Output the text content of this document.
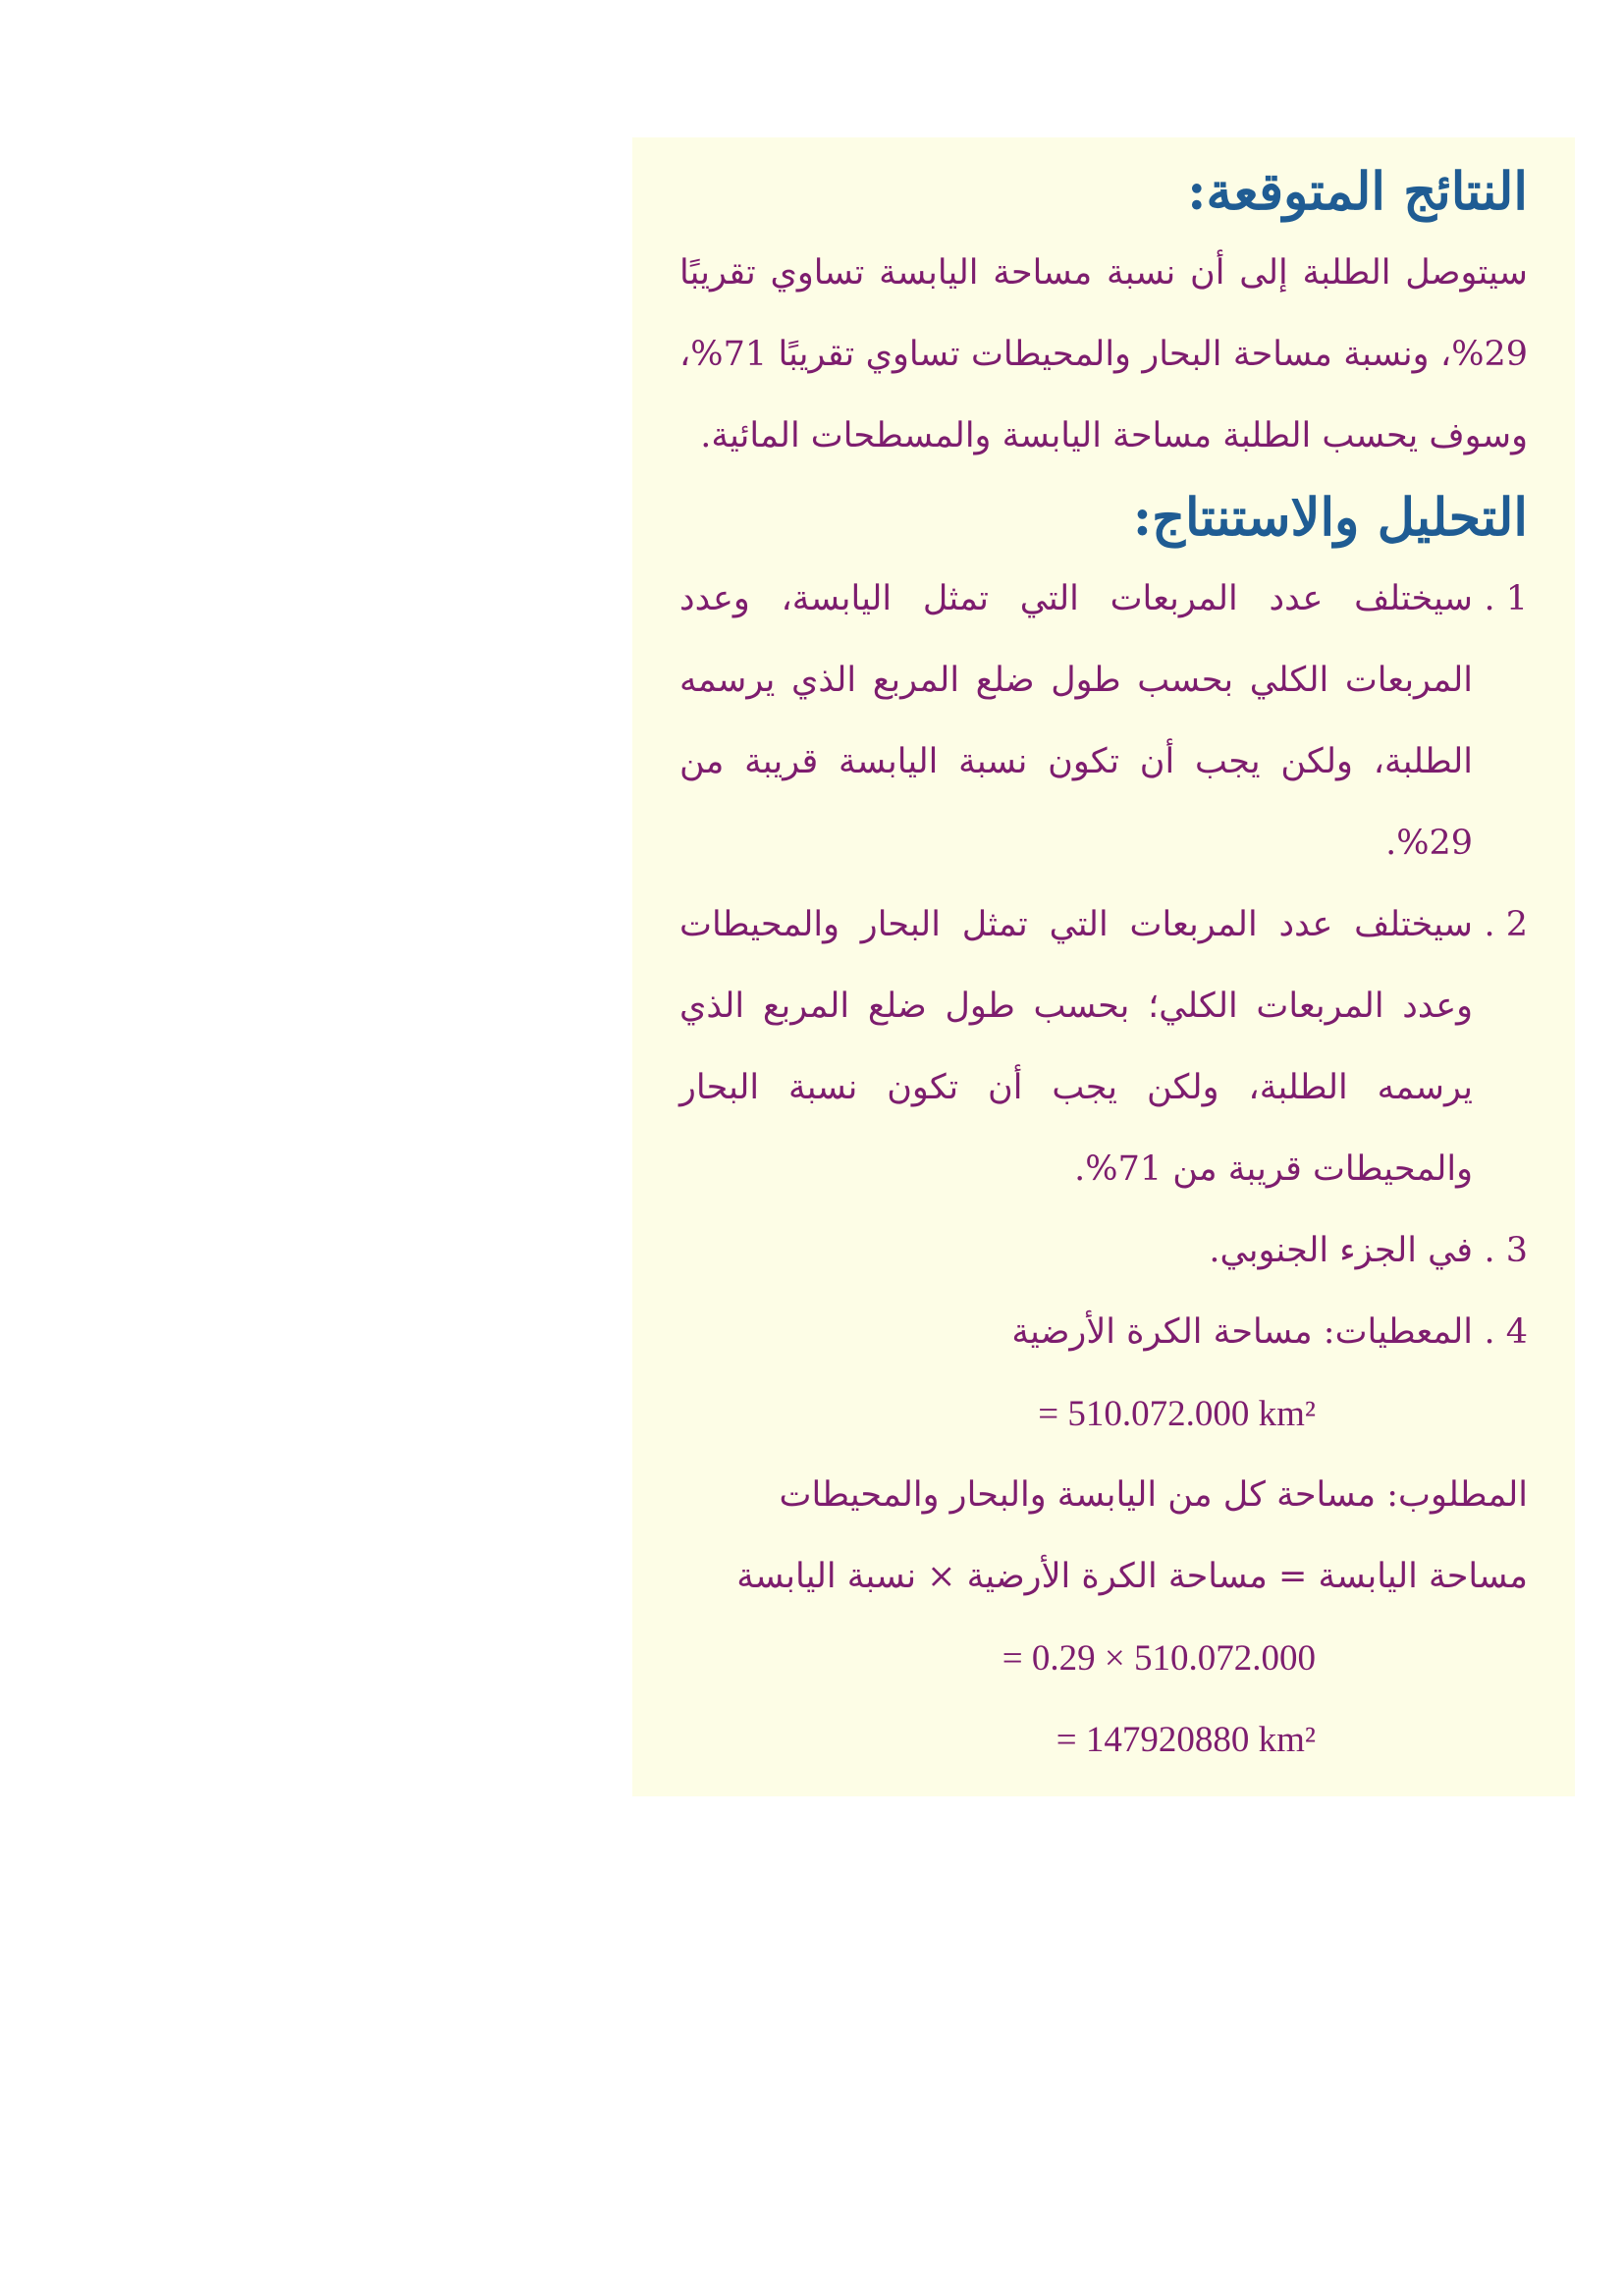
النتائج المتوقعة:

سيتوصل الطلبة إلى أن نسبة مساحة اليابسة تساوي تقريبًا 29%، ونسبة مساحة البحار والمحيطات تساوي تقريبًا 71%، وسوف يحسب الطلبة مساحة اليابسة والمسطحات المائية.

التحليل والاستنتاج:
1 .
سيختلف عدد المربعات التي تمثل اليابسة، وعدد المربعات الكلي بحسب طول ضلع المربع الذي يرسمه الطلبة، ولكن يجب أن تكون نسبة اليابسة قريبة من 29%.
2 .
سيختلف عدد المربعات التي تمثل البحار والمحيطات وعدد المربعات الكلي؛ بحسب طول ضلع المربع الذي يرسمه الطلبة، ولكن يجب أن تكون نسبة البحار والمحيطات قريبة من 71%.
3 .
في الجزء الجنوبي.
4 .
المعطيات: مساحة الكرة الأرضية
= 510.072.000 km²

المطلوب: مساحة كل من اليابسة والبحار والمحيطات

مساحة اليابسة = مساحة الكرة الأرضية × نسبة اليابسة

= 0.29 × 510.072.000
= 147920880 km²
